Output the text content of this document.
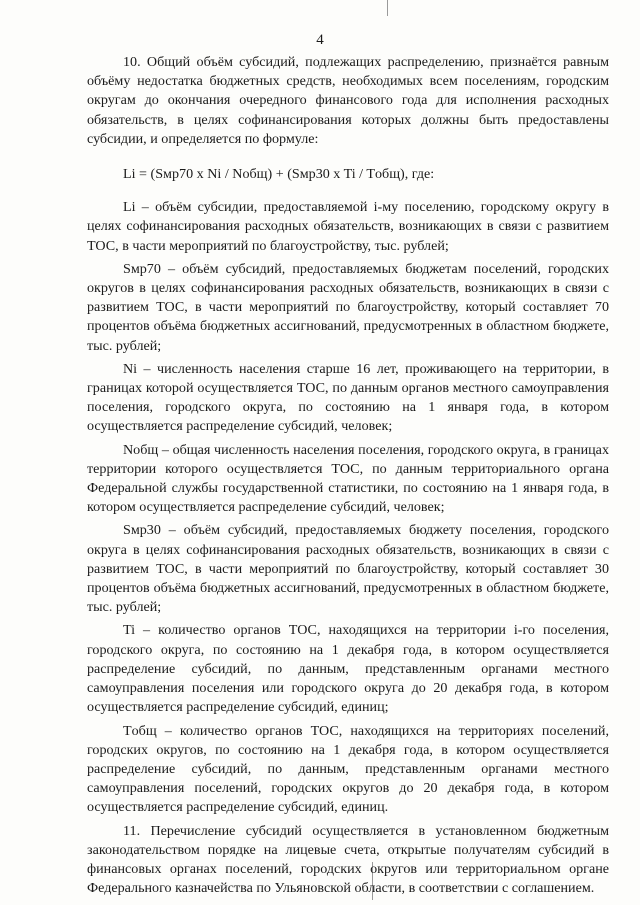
4

10. Общий объём субсидий, подлежащих распределению, признаётся равным объёму недостатка бюджетных средств, необходимых всем поселениям, городским округам до окончания очередного финансового года для исполнения расходных обязательств, в целях софинансирования которых должны быть предоставлены субсидии, и определяется по формуле:

Li = (Sмр70 x Ni / Nобщ) + (Sмр30 x Ti / Tобщ), где:

Li – объём субсидии, предоставляемой i-му поселению, городскому округу в целях софинансирования расходных обязательств, возникающих в связи с развитием ТОС, в части мероприятий по благоустройству, тыс. рублей;

Sмр70 – объём субсидий, предоставляемых бюджетам поселений, городских округов в целях софинансирования расходных обязательств, возникающих в связи с развитием ТОС, в части мероприятий по благоустройству, который составляет 70 процентов объёма бюджетных ассигнований, предусмотренных в областном бюджете, тыс. рублей;

Ni – численность населения старше 16 лет, проживающего на территории, в границах которой осуществляется ТОС, по данным органов местного самоуправления поселения, городского округа, по состоянию на 1 января года, в котором осуществляется распределение субсидий, человек;

Nобщ – общая численность населения поселения, городского округа, в границах территории которого осуществляется ТОС, по данным территориального органа Федеральной службы государственной статистики, по состоянию на 1 января года, в котором осуществляется распределение субсидий, человек;

Sмр30 – объём субсидий, предоставляемых бюджету поселения, городского округа в целях софинансирования расходных обязательств, возникающих в связи с развитием ТОС, в части мероприятий по благоустройству, который составляет 30 процентов объёма бюджетных ассигнований, предусмотренных в областном бюджете, тыс. рублей;

Ti – количество органов ТОС, находящихся на территории i-го поселения, городского округа, по состоянию на 1 декабря года, в котором осуществляется распределение субсидий, по данным, представленным органами местного самоуправления поселения или городского округа до 20 декабря года, в котором осуществляется распределение субсидий, единиц;

Tобщ – количество органов ТОС, находящихся на территориях поселений, городских округов, по состоянию на 1 декабря года, в котором осуществляется распределение субсидий, по данным, представленным органами местного самоуправления поселений, городских округов до 20 декабря года, в котором осуществляется распределение субсидий, единиц.

11. Перечисление субсидий осуществляется в установленном бюджетным законодательством порядке на лицевые счета, открытые получателям субсидий в финансовых органах поселений, городских округов или территориальном органе Федерального казначейства по Ульяновской области, в соответствии с соглашением.
